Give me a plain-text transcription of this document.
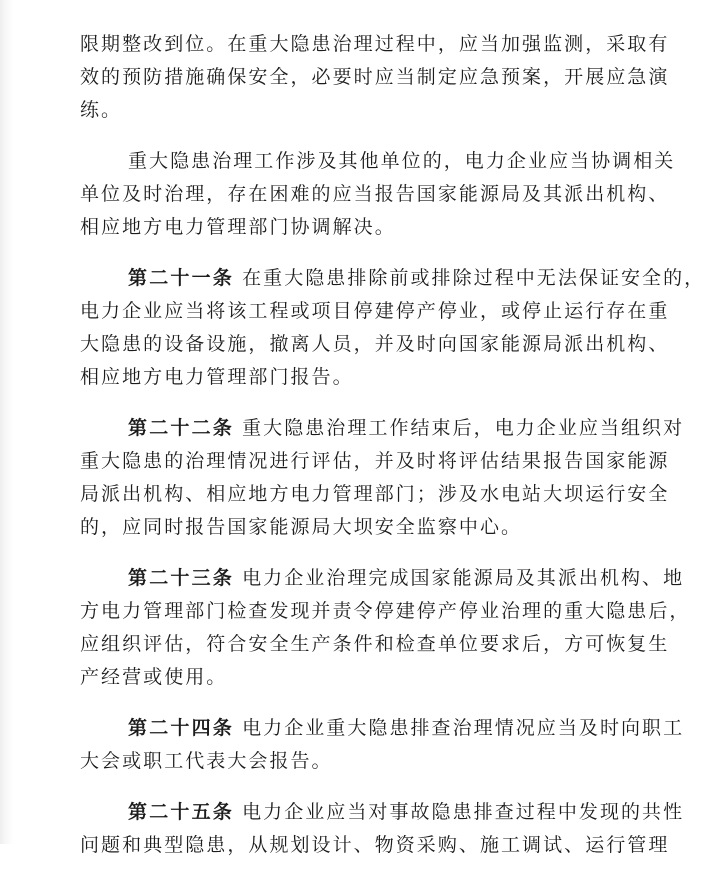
限期整改到位。在重大隐患治理过程中，应当加强监测，采取有
效的预防措施确保安全，必要时应当制定应急预案，开展应急演
练。
重大隐患治理工作涉及其他单位的，电力企业应当协调相关
单位及时治理，存在困难的应当报告国家能源局及其派出机构、
相应地方电力管理部门协调解决。
第二十一条 在重大隐患排除前或排除过程中无法保证安全的，
电力企业应当将该工程或项目停建停产停业，或停止运行存在重
大隐患的设备设施，撤离人员，并及时向国家能源局派出机构、
相应地方电力管理部门报告。
第二十二条 重大隐患治理工作结束后，电力企业应当组织对
重大隐患的治理情况进行评估，并及时将评估结果报告国家能源
局派出机构、相应地方电力管理部门；涉及水电站大坝运行安全
的，应同时报告国家能源局大坝安全监察中心。
第二十三条 电力企业治理完成国家能源局及其派出机构、地
方电力管理部门检查发现并责令停建停产停业治理的重大隐患后，
应组织评估，符合安全生产条件和检查单位要求后，方可恢复生
产经营或使用。
第二十四条 电力企业重大隐患排查治理情况应当及时向职工
大会或职工代表大会报告。
第二十五条 电力企业应当对事故隐患排查过程中发现的共性
问题和典型隐患，从规划设计、物资采购、施工调试、运行管理
